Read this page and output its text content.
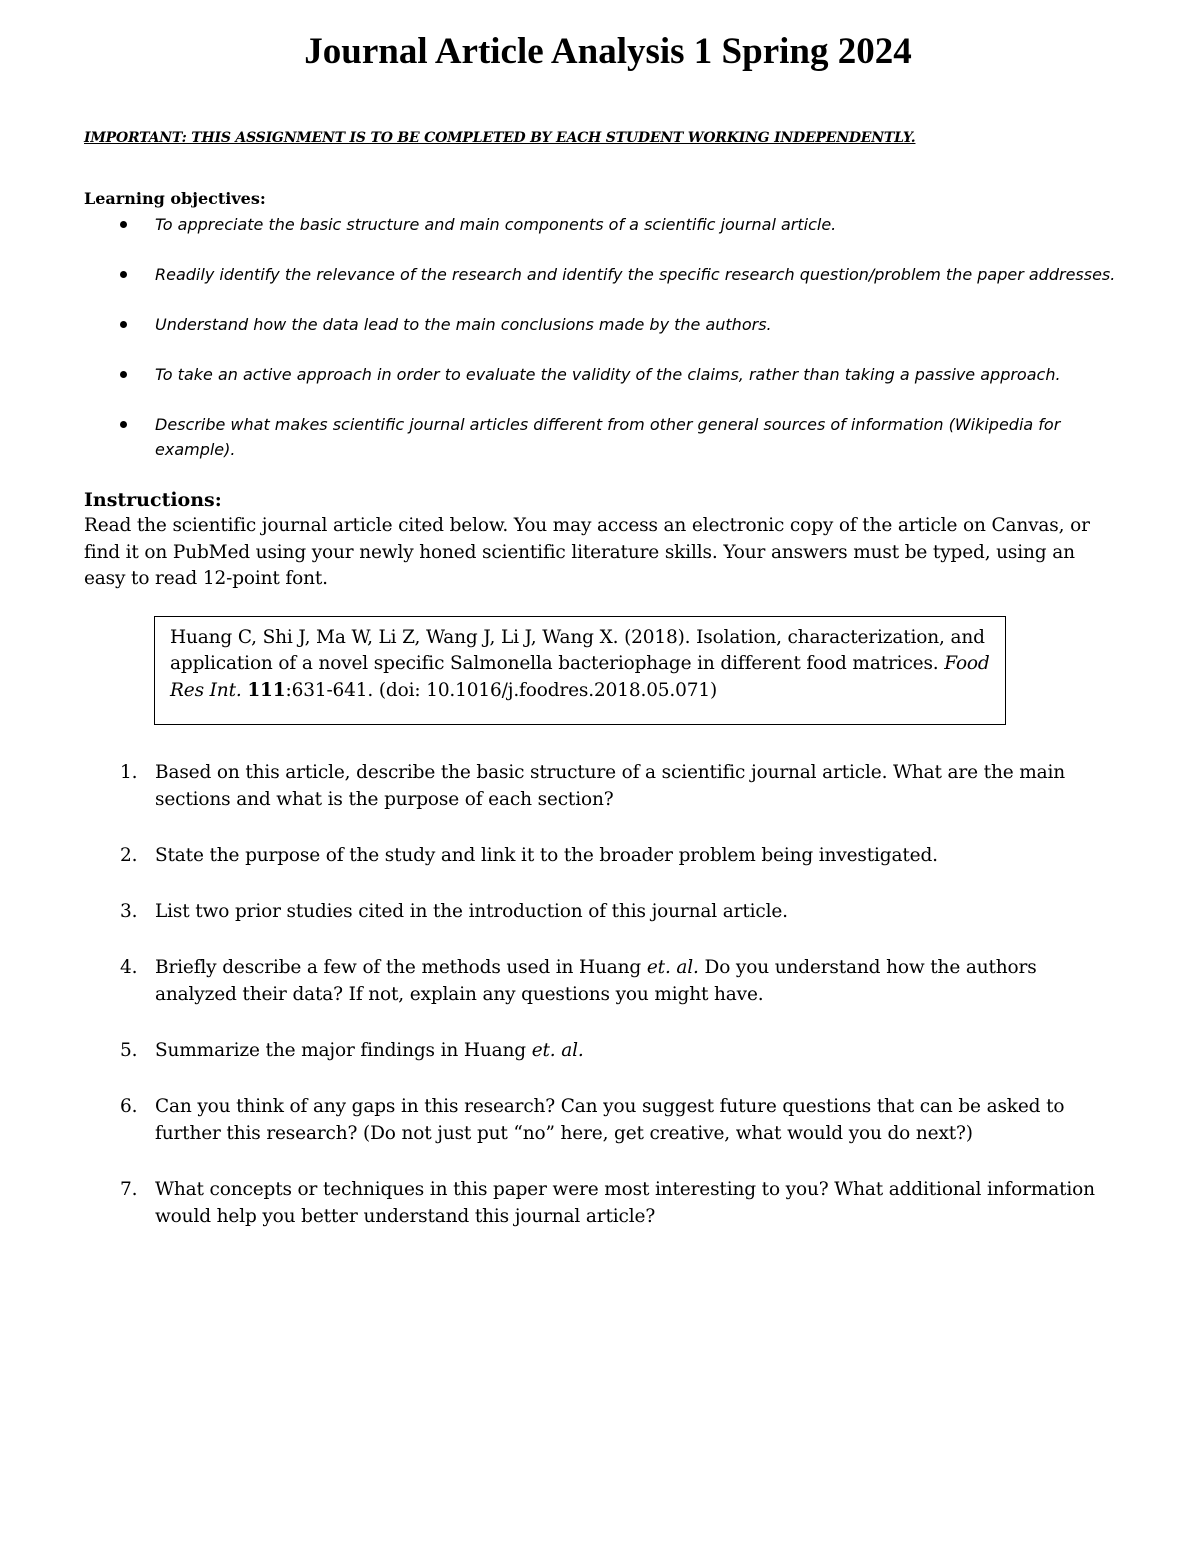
Journal Article Analysis 1 Spring 2024
IMPORTANT: THIS ASSIGNMENT IS TO BE COMPLETED BY EACH STUDENT WORKING INDEPENDENTLY.
Learning objectives:
To appreciate the basic structure and main components of a scientific journal article.
Readily identify the relevance of the research and identify the specific research question/problem the paper addresses.
Understand how the data lead to the main conclusions made by the authors.
To take an active approach in order to evaluate the validity of the claims, rather than taking a passive approach.
Describe what makes scientific journal articles different from other general sources of information (Wikipedia for example).
Instructions:

Read the scientific journal article cited below. You may access an electronic copy of the article on Canvas, or find it on PubMed using your newly honed scientific literature skills. Your answers must be typed, using an easy to read 12-point font.

Huang C, Shi J, Ma W, Li Z, Wang J, Li J, Wang X. (2018). Isolation, characterization, and application of a novel specific Salmonella bacteriophage in different food matrices. Food Res Int. 111:631-641. (doi: 10.1016/j.foodres.2018.05.071)
1. Based on this article, describe the basic structure of a scientific journal article. What are the main sections and what is the purpose of each section?
2. State the purpose of the study and link it to the broader problem being investigated.
3. List two prior studies cited in the introduction of this journal article.
4. Briefly describe a few of the methods used in Huang et. al. Do you understand how the authors analyzed their data? If not, explain any questions you might have.
5. Summarize the major findings in Huang et. al.
6. Can you think of any gaps in this research? Can you suggest future questions that can be asked to further this research? (Do not just put “no” here, get creative, what would you do next?)
7. What concepts or techniques in this paper were most interesting to you? What additional information would help you better understand this journal article?
